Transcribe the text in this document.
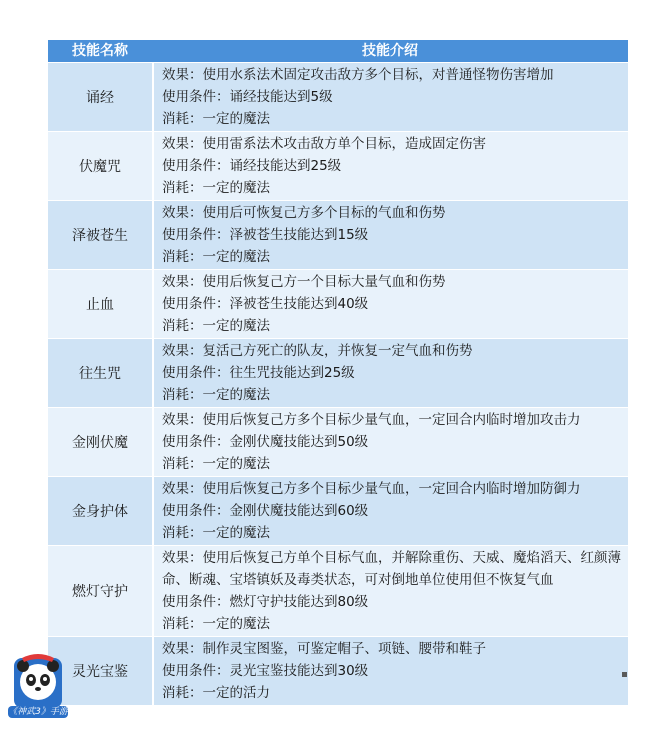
技能名称	技能介绍
诵经
效果：使用水系法术固定攻击敌方多个目标，对普通怪物伤害增加
使用条件：诵经技能达到5级
消耗：一定的魔法
伏魔咒
效果：使用雷系法术攻击敌方单个目标，造成固定伤害
使用条件：诵经技能达到25级
消耗：一定的魔法
泽被苍生
效果：使用后可恢复己方多个目标的气血和伤势
使用条件：泽被苍生技能达到15级
消耗：一定的魔法
止血
效果：使用后恢复己方一个目标大量气血和伤势
使用条件：泽被苍生技能达到40级
消耗：一定的魔法
往生咒
效果：复活己方死亡的队友，并恢复一定气血和伤势
使用条件：往生咒技能达到25级
消耗：一定的魔法
金刚伏魔
效果：使用后恢复己方多个目标少量气血，一定回合内临时增加攻击力
使用条件：金刚伏魔技能达到50级
消耗：一定的魔法
金身护体
效果：使用后恢复己方多个目标少量气血，一定回合内临时增加防御力
使用条件：金刚伏魔技能达到60级
消耗：一定的魔法
燃灯守护
效果：使用后恢复己方单个目标气血，并解除重伤、天威、魔焰滔天、红颜薄命、断魂、宝塔镇妖及毒类状态，可对倒地单位使用但不恢复气血
使用条件：燃灯守护技能达到80级
消耗：一定的魔法
灵光宝鉴
效果：制作灵宝图鉴，可鉴定帽子、项链、腰带和鞋子
使用条件：灵光宝鉴技能达到30级
消耗：一定的活力
《神武3》手游
